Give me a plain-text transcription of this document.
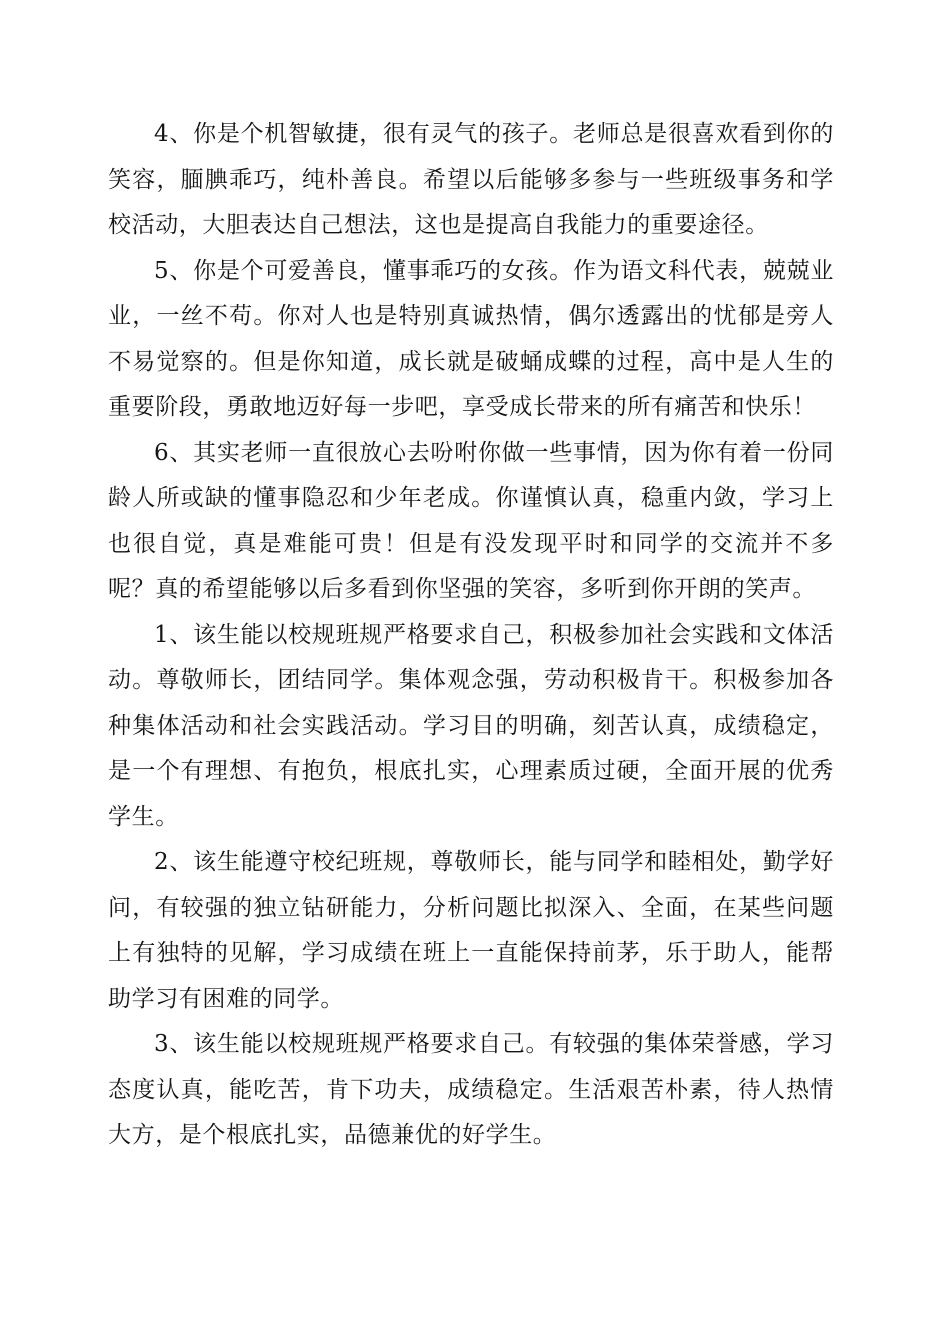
4、你是个机智敏捷，很有灵气的孩子。老师总是很喜欢看到你的笑容，腼腆乖巧，纯朴善良。希望以后能够多参与一些班级事务和学校活动，大胆表达自己想法，这也是提高自我能力的重要途径。

5、你是个可爱善良，懂事乖巧的女孩。作为语文科代表，兢兢业业，一丝不苟。你对人也是特别真诚热情，偶尔透露出的忧郁是旁人不易觉察的。但是你知道，成长就是破蛹成蝶的过程，高中是人生的重要阶段，勇敢地迈好每一步吧，享受成长带来的所有痛苦和快乐！

6、其实老师一直很放心去吩咐你做一些事情，因为你有着一份同龄人所或缺的懂事隐忍和少年老成。你谨慎认真，稳重内敛，学习上也很自觉，真是难能可贵！但是有没发现平时和同学的交流并不多呢？真的希望能够以后多看到你坚强的笑容，多听到你开朗的笑声。

1、该生能以校规班规严格要求自己，积极参加社会实践和文体活动。尊敬师长，团结同学。集体观念强，劳动积极肯干。积极参加各种集体活动和社会实践活动。学习目的明确，刻苦认真，成绩稳定，是一个有理想、有抱负，根底扎实，心理素质过硬，全面开展的优秀学生。

2、该生能遵守校纪班规，尊敬师长，能与同学和睦相处，勤学好问，有较强的独立钻研能力，分析问题比拟深入、全面，在某些问题上有独特的见解，学习成绩在班上一直能保持前茅，乐于助人，能帮助学习有困难的同学。

3、该生能以校规班规严格要求自己。有较强的集体荣誉感，学习态度认真，能吃苦，肯下功夫，成绩稳定。生活艰苦朴素，待人热情大方，是个根底扎实，品德兼优的好学生。
